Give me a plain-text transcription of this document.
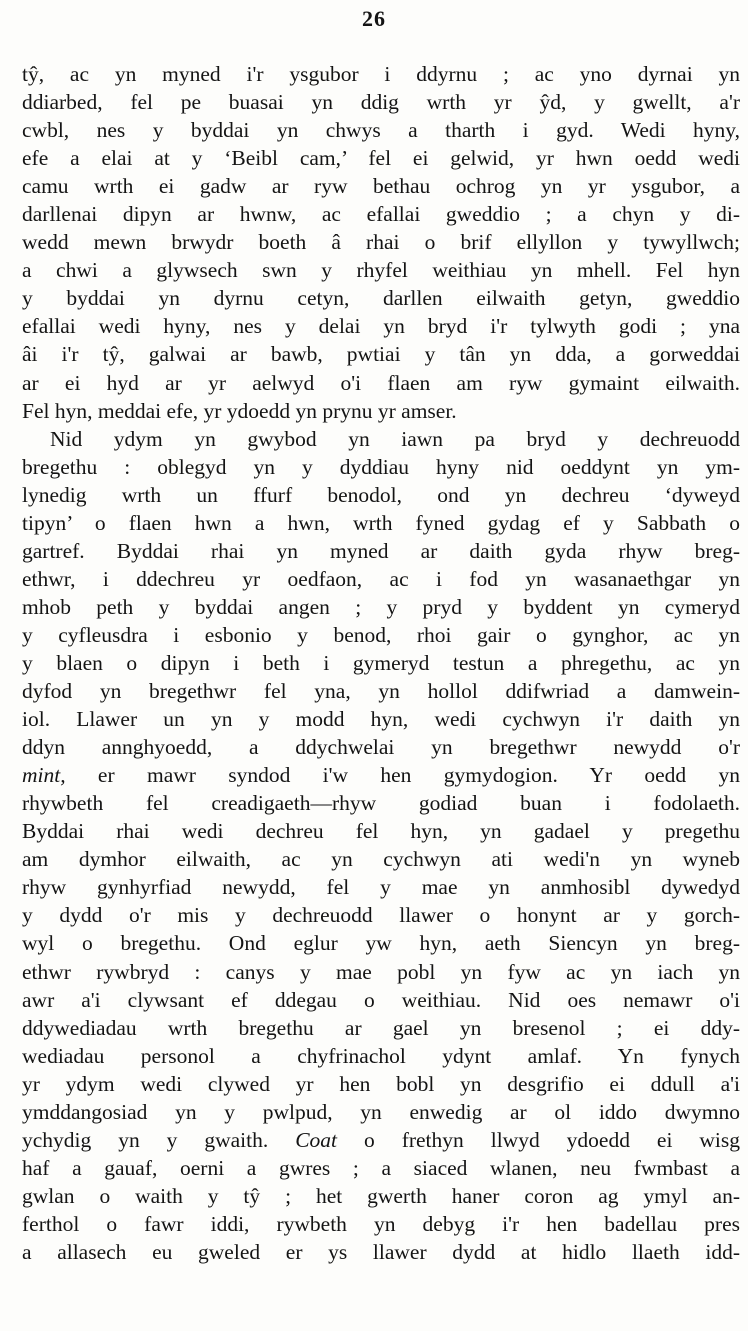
26
tŷ, ac yn myned i'r ysgubor i ddyrnu ; ac yno dyrnai yn
ddiarbed, fel pe buasai yn ddig wrth yr ŷd, y gwellt, a'r
cwbl, nes y byddai yn chwys a tharth i gyd. Wedi hyny,
efe a elai at y ‘Beibl cam,’ fel ei gelwid, yr hwn oedd wedi
camu wrth ei gadw ar ryw bethau ochrog yn yr ysgubor, a
darllenai dipyn ar hwnw, ac efallai gweddio ; a chyn y di-
wedd mewn brwydr boeth â rhai o brif ellyllon y tywyllwch;
a chwi a glywsech swn y rhyfel weithiau yn mhell. Fel hyn
y byddai yn dyrnu cetyn, darllen eilwaith getyn, gweddio
efallai wedi hyny, nes y delai yn bryd i'r tylwyth godi ; yna
âi i'r tŷ, galwai ar bawb, pwtiai y tân yn dda, a gorweddai
ar ei hyd ar yr aelwyd o'i flaen am ryw gymaint eilwaith.
Fel hyn, meddai efe, yr ydoedd yn prynu yr amser.
Nid ydym yn gwybod yn iawn pa bryd y dechreuodd
bregethu : oblegyd yn y dyddiau hyny nid oeddynt yn ym-
lynedig wrth un ffurf benodol, ond yn dechreu ‘dyweyd
tipyn’ o flaen hwn a hwn, wrth fyned gydag ef y Sabbath o
gartref. Byddai rhai yn myned ar daith gyda rhyw breg-
ethwr, i ddechreu yr oedfaon, ac i fod yn wasanaethgar yn
mhob peth y byddai angen ; y pryd y byddent yn cymeryd
y cyfleusdra i esbonio y benod, rhoi gair o gynghor, ac yn
y blaen o dipyn i beth i gymeryd testun a phregethu, ac yn
dyfod yn bregethwr fel yna, yn hollol ddifwriad a damwein-
iol. Llawer un yn y modd hyn, wedi cychwyn i'r daith yn
ddyn annghyoedd, a ddychwelai yn bregethwr newydd o'r
mint, er mawr syndod i'w hen gymydogion. Yr oedd yn
rhywbeth fel creadigaeth—rhyw godiad buan i fodolaeth.
Byddai rhai wedi dechreu fel hyn, yn gadael y pregethu
am dymhor eilwaith, ac yn cychwyn ati wedi'n yn wyneb
rhyw gynhyrfiad newydd, fel y mae yn anmhosibl dywedyd
y dydd o'r mis y dechreuodd llawer o honynt ar y gorch-
wyl o bregethu. Ond eglur yw hyn, aeth Siencyn yn breg-
ethwr rywbryd : canys y mae pobl yn fyw ac yn iach yn
awr a'i clywsant ef ddegau o weithiau. Nid oes nemawr o'i
ddywediadau wrth bregethu ar gael yn bresenol ; ei ddy-
wediadau personol a chyfrinachol ydynt amlaf. Yn fynych
yr ydym wedi clywed yr hen bobl yn desgrifio ei ddull a'i
ymddangosiad yn y pwlpud, yn enwedig ar ol iddo dwymno
ychydig yn y gwaith. Coat o frethyn llwyd ydoedd ei wisg
haf a gauaf, oerni a gwres ; a siaced wlanen, neu fwmbast a
gwlan o waith y tŷ ; het gwerth haner coron ag ymyl an-
ferthol o fawr iddi, rywbeth yn debyg i'r hen badellau pres
a allasech eu gweled er ys llawer dydd at hidlo llaeth idd-
